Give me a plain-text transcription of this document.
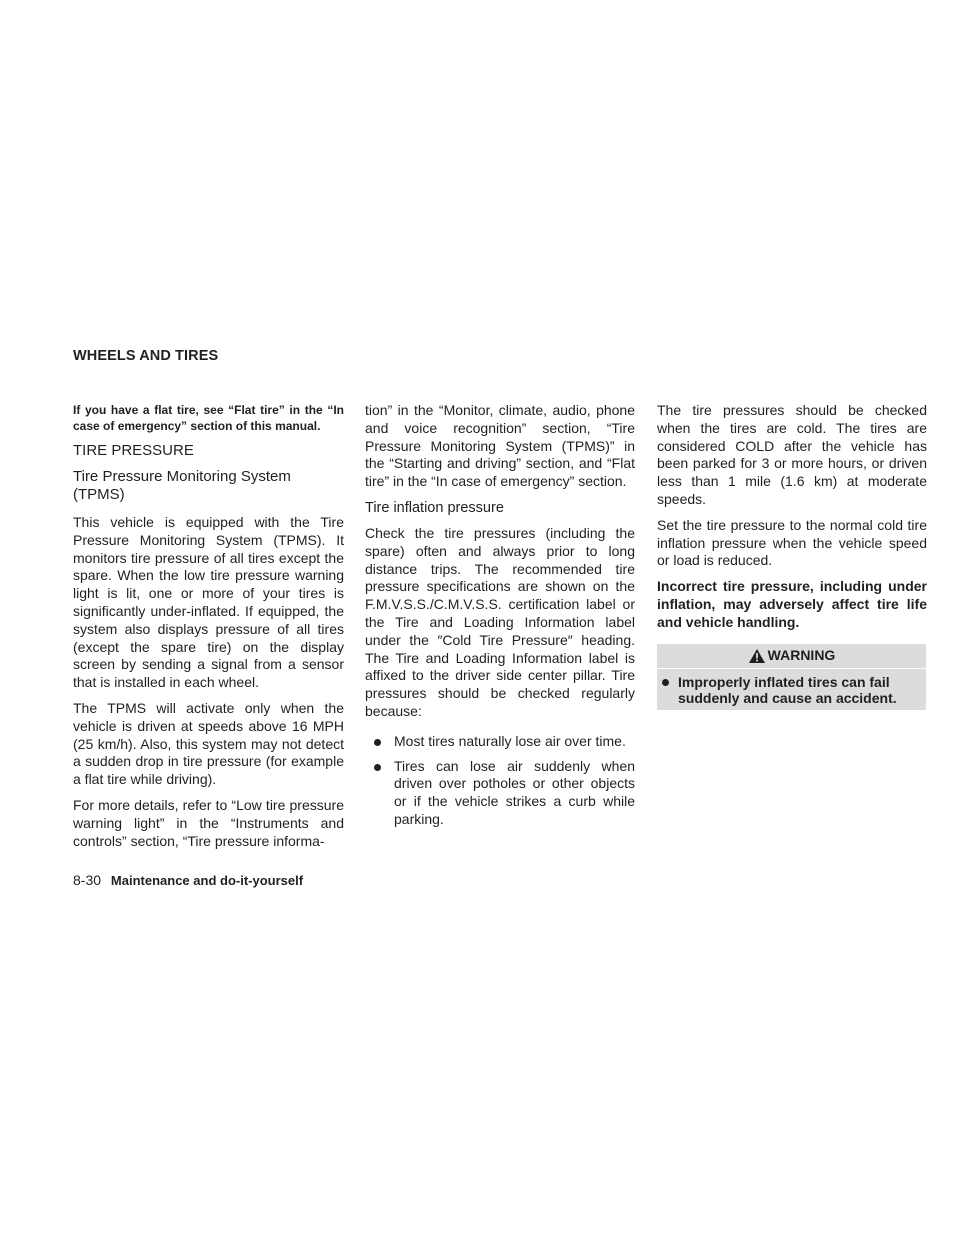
WHEELS AND TIRES

If you have a flat tire, see “Flat tire” in the “In case of emergency” section of this manual.

TIRE PRESSURE

Tire Pressure Monitoring System (TPMS)

This vehicle is equipped with the Tire Pressure Monitoring System (TPMS). It monitors tire pressure of all tires except the spare. When the low tire pressure warning light is lit, one or more of your tires is significantly under-inflated. If equipped, the system also displays pressure of all tires (except the spare tire) on the display screen by sending a signal from a sensor that is installed in each wheel.

The TPMS will activate only when the vehicle is driven at speeds above 16 MPH (25 km/h). Also, this system may not detect a sudden drop in tire pressure (for example a flat tire while driving).

For more details, refer to “Low tire pressure warning light” in the “Instruments and controls” section, “Tire pressure informa-

tion” in the “Monitor, climate, audio, phone and voice recognition” section, “Tire Pressure Monitoring System (TPMS)” in the “Starting and driving” section, and “Flat tire” in the “In case of emergency” section.

Tire inflation pressure

Check the tire pressures (including the spare) often and always prior to long distance trips. The recommended tire pressure specifications are shown on the F.M.V.S.S./C.M.V.S.S. certification label or the Tire and Loading Information label under the ″Cold Tire Pressure″ heading. The Tire and Loading Information label is affixed to the driver side center pillar. Tire pressures should be checked regularly because:

Most tires naturally lose air over time.
Tires can lose air suddenly when driven over potholes or other objects or if the vehicle strikes a curb while parking.

The tire pressures should be checked when the tires are cold. The tires are considered COLD after the vehicle has been parked for 3 or more hours, or driven less than 1 mile (1.6 km) at moderate speeds.

Set the tire pressure to the normal cold tire inflation pressure when the vehicle speed or load is reduced.

Incorrect tire pressure, including under inflation, may adversely affect tire life and vehicle handling.

WARNING
Improperly inflated tires can fail suddenly and cause an accident.
8-30 Maintenance and do-it-yourself
